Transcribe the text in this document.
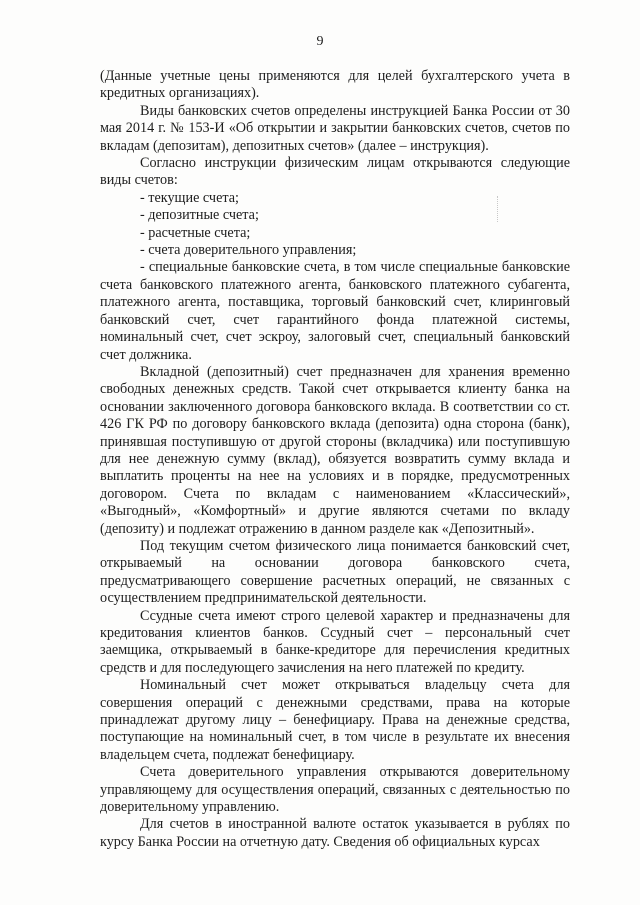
9

(Данные учетные цены применяются для целей бухгалтерского учета в кредитных организациях).

Виды банковских счетов определены инструкцией Банка России от 30 мая 2014 г. № 153-И «Об открытии и закрытии банковских счетов, счетов по вкладам (депозитам), депозитных счетов» (далее – инструкция).

Согласно инструкции физическим лицам открываются следующие виды счетов:

- текущие счета;

- депозитные счета;

- расчетные счета;

- счета доверительного управления;

- специальные банковские счета, в том числе специальные банковские счета банковского платежного агента, банковского платежного субагента, платежного агента, поставщика, торговый банковский счет, клиринговый банковский счет, счет гарантийного фонда платежной системы, номинальный счет, счет эскроу, залоговый счет, специальный банковский счет должника.

Вкладной (депозитный) счет предназначен для хранения временно свободных денежных средств. Такой счет открывается клиенту банка на основании заключенного договора банковского вклада. В соответствии со ст. 426 ГК РФ по договору банковского вклада (депозита) одна сторона (банк), принявшая поступившую от другой стороны (вкладчика) или поступившую для нее денежную сумму (вклад), обязуется возвратить сумму вклада и выплатить проценты на нее на условиях и в порядке, предусмотренных договором. Счета по вкладам с наименованием «Классический», «Выгодный», «Комфортный» и другие являются счетами по вкладу (депозиту) и подлежат отражению в данном разделе как «Депозитный».

Под текущим счетом физического лица понимается банковский счет, открываемый на основании договора банковского счета, предусматривающего совершение расчетных операций, не связанных с осуществлением предпринимательской деятельности.

Ссудные счета имеют строго целевой характер и предназначены для кредитования клиентов банков. Ссудный счет – персональный счет заемщика, открываемый в банке-кредиторе для перечисления кредитных средств и для последующего зачисления на него платежей по кредиту.

Номинальный счет может открываться владельцу счета для совершения операций с денежными средствами, права на которые принадлежат другому лицу – бенефициару. Права на денежные средства, поступающие на номинальный счет, в том числе в результате их внесения владельцем счета, подлежат бенефициару.

Счета доверительного управления открываются доверительному управляющему для осуществления операций, связанных с деятельностью по доверительному управлению.

Для счетов в иностранной валюте остаток указывается в рублях по курсу Банка России на отчетную дату. Сведения об официальных курсах
